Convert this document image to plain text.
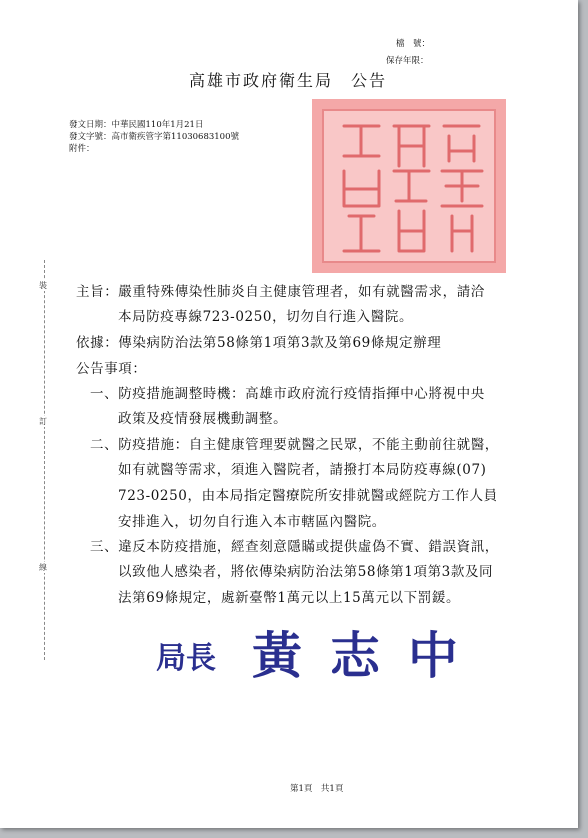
檔　號：
保存年限：
高雄市政府衛生局　公告
發文日期：中華民國110年1月21日
發文字號：高市衛疾管字第11030683100號
附件：
裝
訂
線
主旨：嚴重特殊傳染性肺炎自主健康管理者，如有就醫需求，請洽
本局防疫專線723-0250，切勿自行進入醫院。
依據：傳染病防治法第58條第1項第3款及第69條規定辦理
公告事項：
一、防疫措施調整時機：高雄市政府流行疫情指揮中心將視中央
政策及疫情發展機動調整。
二、防疫措施：自主健康管理要就醫之民眾，不能主動前往就醫，
如有就醫等需求，須進入醫院者，請撥打本局防疫專線(07)
723-0250，由本局指定醫療院所安排就醫或經院方工作人員
安排進入，切勿自行進入本市轄區內醫院。
三、違反本防疫措施，經查刻意隱瞞或提供虛偽不實、錯誤資訊，
以致他人感染者，將依傳染病防治法第58條第1項第3款及同
法第69條規定，處新臺幣1萬元以上15萬元以下罰鍰。
局長 黃 志 中
第1頁　共1頁
